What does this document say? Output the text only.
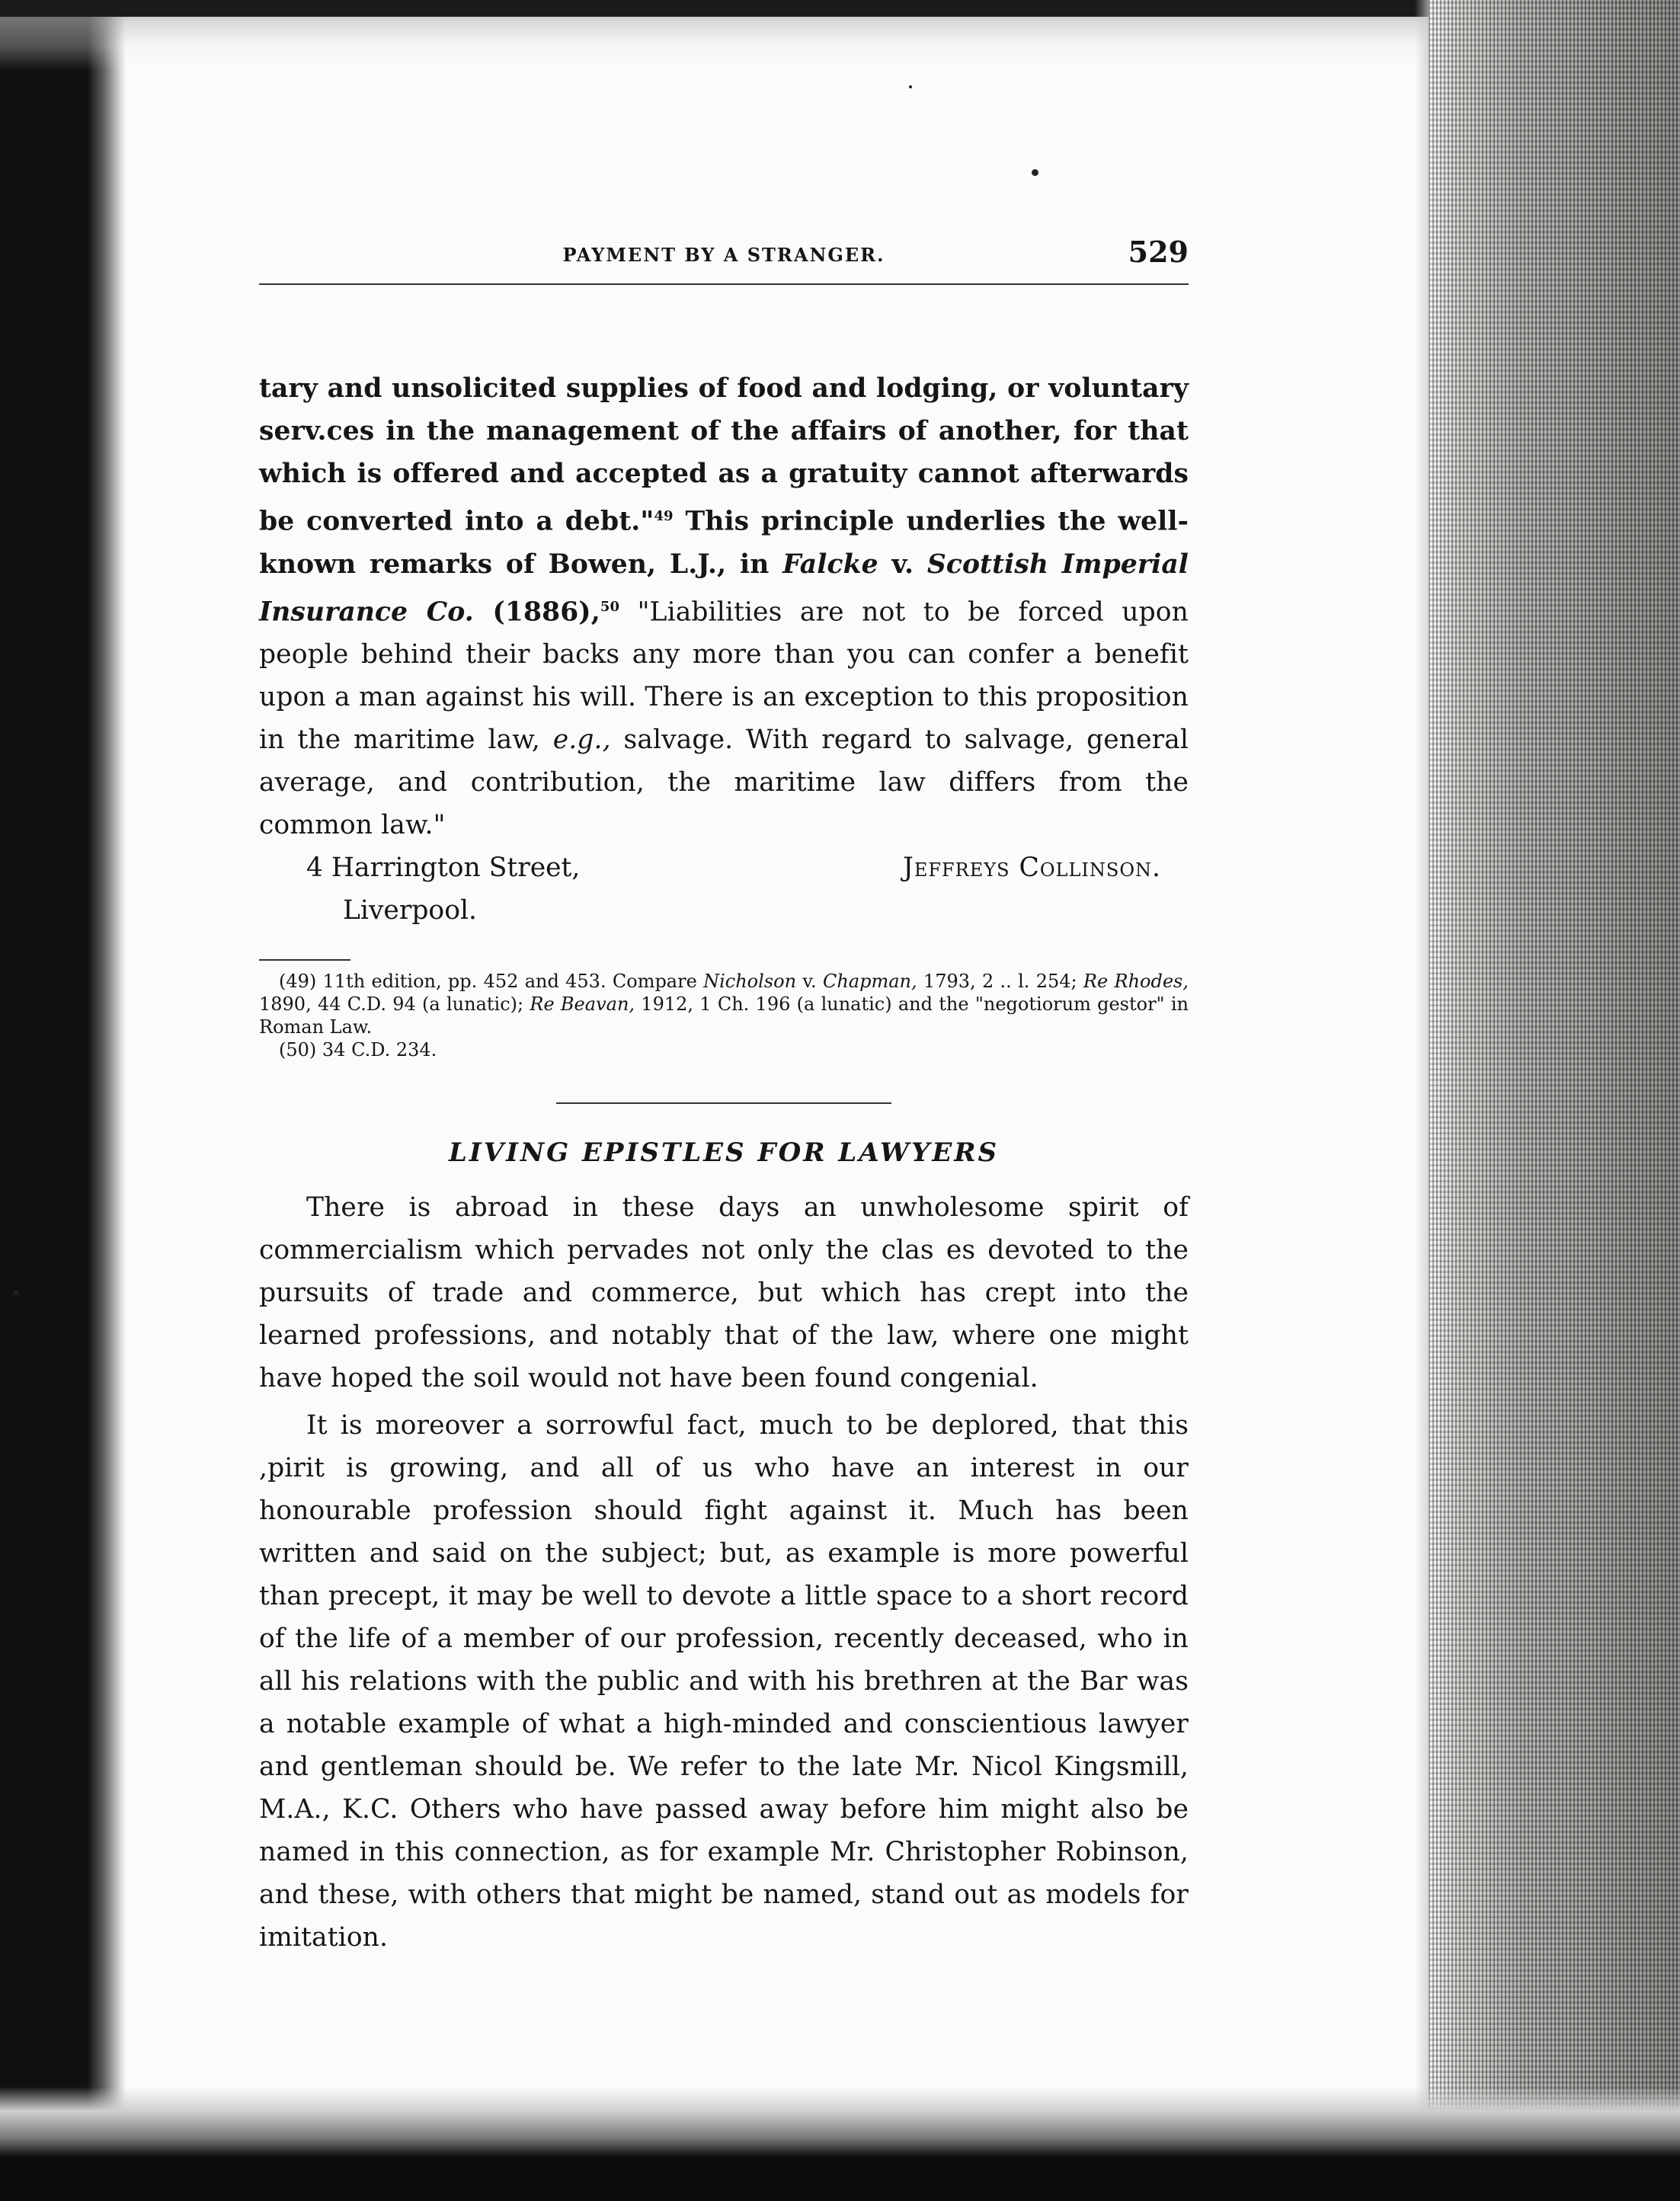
PAYMENT BY A STRANGER.	529

tary and unsolicited supplies of food and lodging, or voluntary serv.ces in the management of the affairs of another, for that which is offered and accepted as a gratuity cannot afterwards be converted into a debt."$^{49}$ This principle underlies the well- known remarks of Bowen, L.J., in Falcke v. Scottish Imperial Insurance Co. (1886),$^{50}$ "Liabilities are not to be forced upon people behind their backs any more than you can confer a benefit upon a man against his will. There is an exception to this proposition in the maritime law, e.g., salvage. With regard to salvage, general average, and contribution, the maritime law differs from the common law."

4 Harrington Street,
Liverpool.
Jeffreys Collinson.

(49) 11th edition, pp. 452 and 453. Compare Nicholson v. Chapman, 1793, 2 .. l. 254; Re Rhodes, 1890, 44 C.D. 94 (a lunatic); Re Beavan, 1912, 1 Ch. 196 (a lunatic) and the "negotiorum gestor" in Roman Law.

(50) 34 C.D. 234.

LIVING EPISTLES FOR LAWYERS

There is abroad in these days an unwholesome spirit of commercialism which pervades not only the clas es devoted to the pursuits of trade and commerce, but which has crept into the learned professions, and notably that of the law, where one might have hoped the soil would not have been found congenial.

It is moreover a sorrowful fact, much to be deplored, that this ,pirit is growing, and all of us who have an interest in our honourable profession should fight against it. Much has been written and said on the subject; but, as example is more powerful than precept, it may be well to devote a little space to a short record of the life of a member of our profession, recently deceased, who in all his relations with the public and with his brethren at the Bar was a notable example of what a high-minded and conscientious lawyer and gentleman should be. We refer to the late Mr. Nicol Kingsmill, M.A., K.C. Others who have passed away before him might also be named in this connection, as for example Mr. Christopher Robinson, and these, with others that might be named, stand out as models for imitation.
